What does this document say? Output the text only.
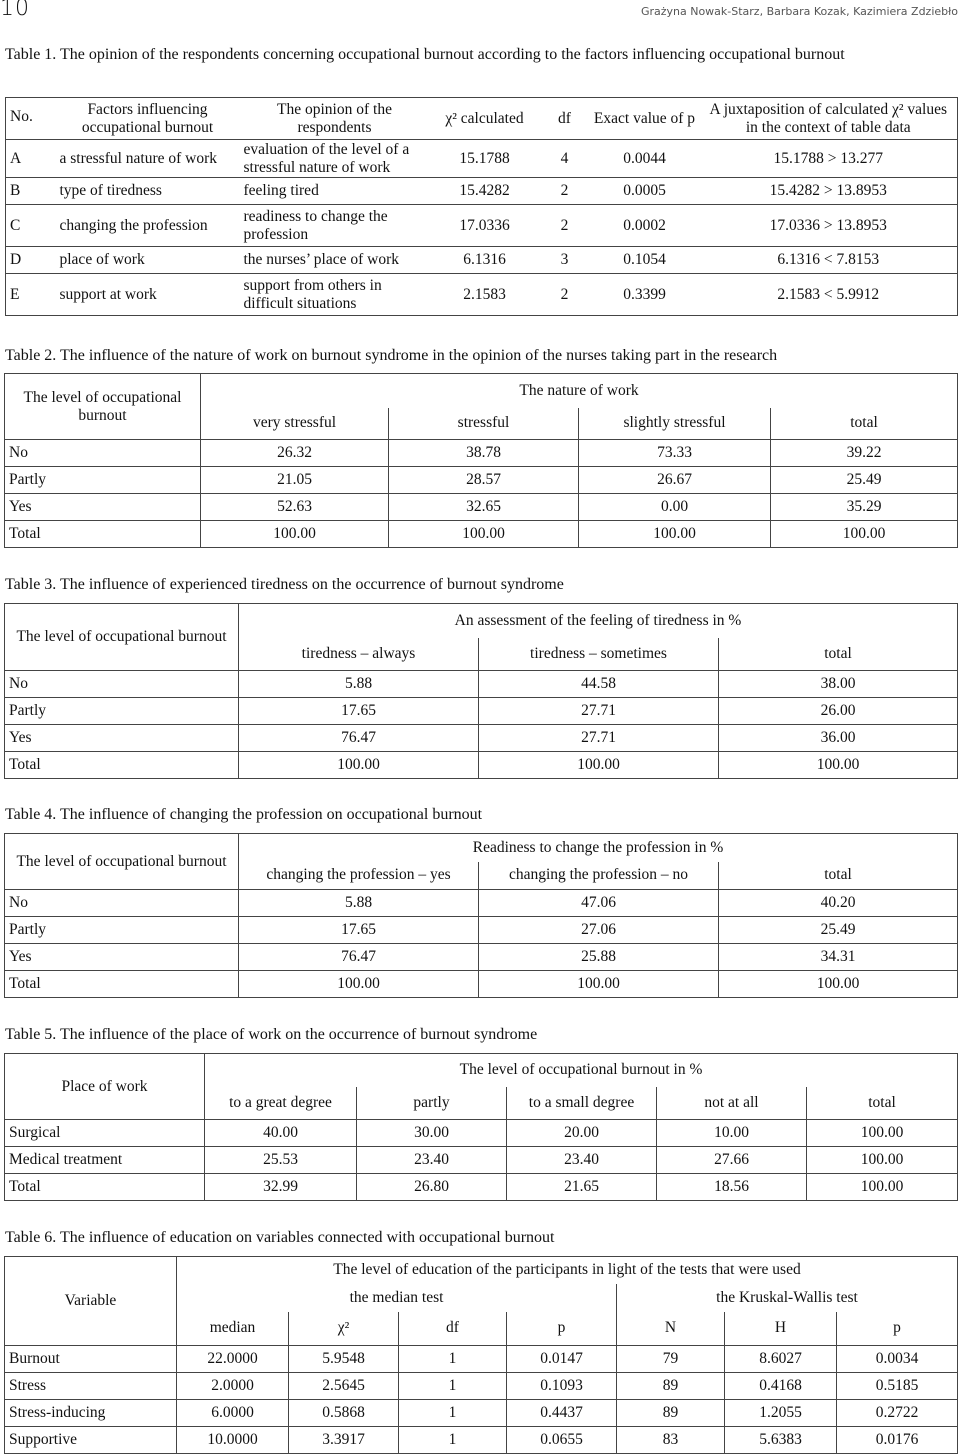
10	Grażyna Nowak-Starz, Barbara Kozak, Kazimiera Zdziebło
Table 1. The opinion of the respondents concerning occupational burnout according to the factors influencing occupational burnout
No.	Factors influencing occupational burnout	The opinion of the respondents	χ² calculated	df	Exact value of p	A juxtaposition of calculated χ² values in the context of table data
A	a stressful nature of work	evaluation of the level of a stressful nature of work	15.1788	4	0.0044	15.1788 > 13.277
B	type of tiredness	feeling tired	15.4282	2	0.0005	15.4282 > 13.8953
C	changing the profession	readiness to change the profession	17.0336	2	0.0002	17.0336 > 13.8953
D	place of work	the nurses’ place of work	6.1316	3	0.1054	6.1316 < 7.8153
E	support at work	support from others in difficult situations	2.1583	2	0.3399	2.1583 < 5.9912
Table 2. The influence of the nature of work on burnout syndrome in the opinion of the nurses taking part in the research
The level of occupational burnout	The nature of work			
	very stressful	stressful	slightly stressful	total
No	26.32	38.78	73.33	39.22
Partly	21.05	28.57	26.67	25.49
Yes	52.63	32.65	0.00	35.29
Total	100.00	100.00	100.00	100.00
Table 3. The influence of experienced tiredness on the occurrence of burnout syndrome
The level of occupational burnout	An assessment of the feeling of tiredness in %		
	tiredness – always	tiredness – sometimes	total
No	5.88	44.58	38.00
Partly	17.65	27.71	26.00
Yes	76.47	27.71	36.00
Total	100.00	100.00	100.00
Table 4. The influence of changing the profession on occupational burnout
The level of occupational burnout	Readiness to change the profession in %		
	changing the profession – yes	changing the profession – no	total
No	5.88	47.06	40.20
Partly	17.65	27.06	25.49
Yes	76.47	25.88	34.31
Total	100.00	100.00	100.00
Table 5. The influence of the place of work on the occurrence of burnout syndrome
Place of work	The level of occupational burnout in %				
	to a great degree	partly	to a small degree	not at all	total
Surgical	40.00	30.00	20.00	10.00	100.00
Medical treatment	25.53	23.40	23.40	27.66	100.00
Total	32.99	26.80	21.65	18.56	100.00
Table 6. The influence of education on variables connected with occupational burnout
Variable	The level of education of the participants in light of the tests that were used						
	the median test				the Kruskal-Wallis test		
	median	χ²	df	p	N	H	p
Burnout	22.0000	5.9548	1	0.0147	79	8.6027	0.0034
Stress	2.0000	2.5645	1	0.1093	89	0.4168	0.5185
Stress-inducing	6.0000	0.5868	1	0.4437	89	1.2055	0.2722
Supportive	10.0000	3.3917	1	0.0655	83	5.6383	0.0176
